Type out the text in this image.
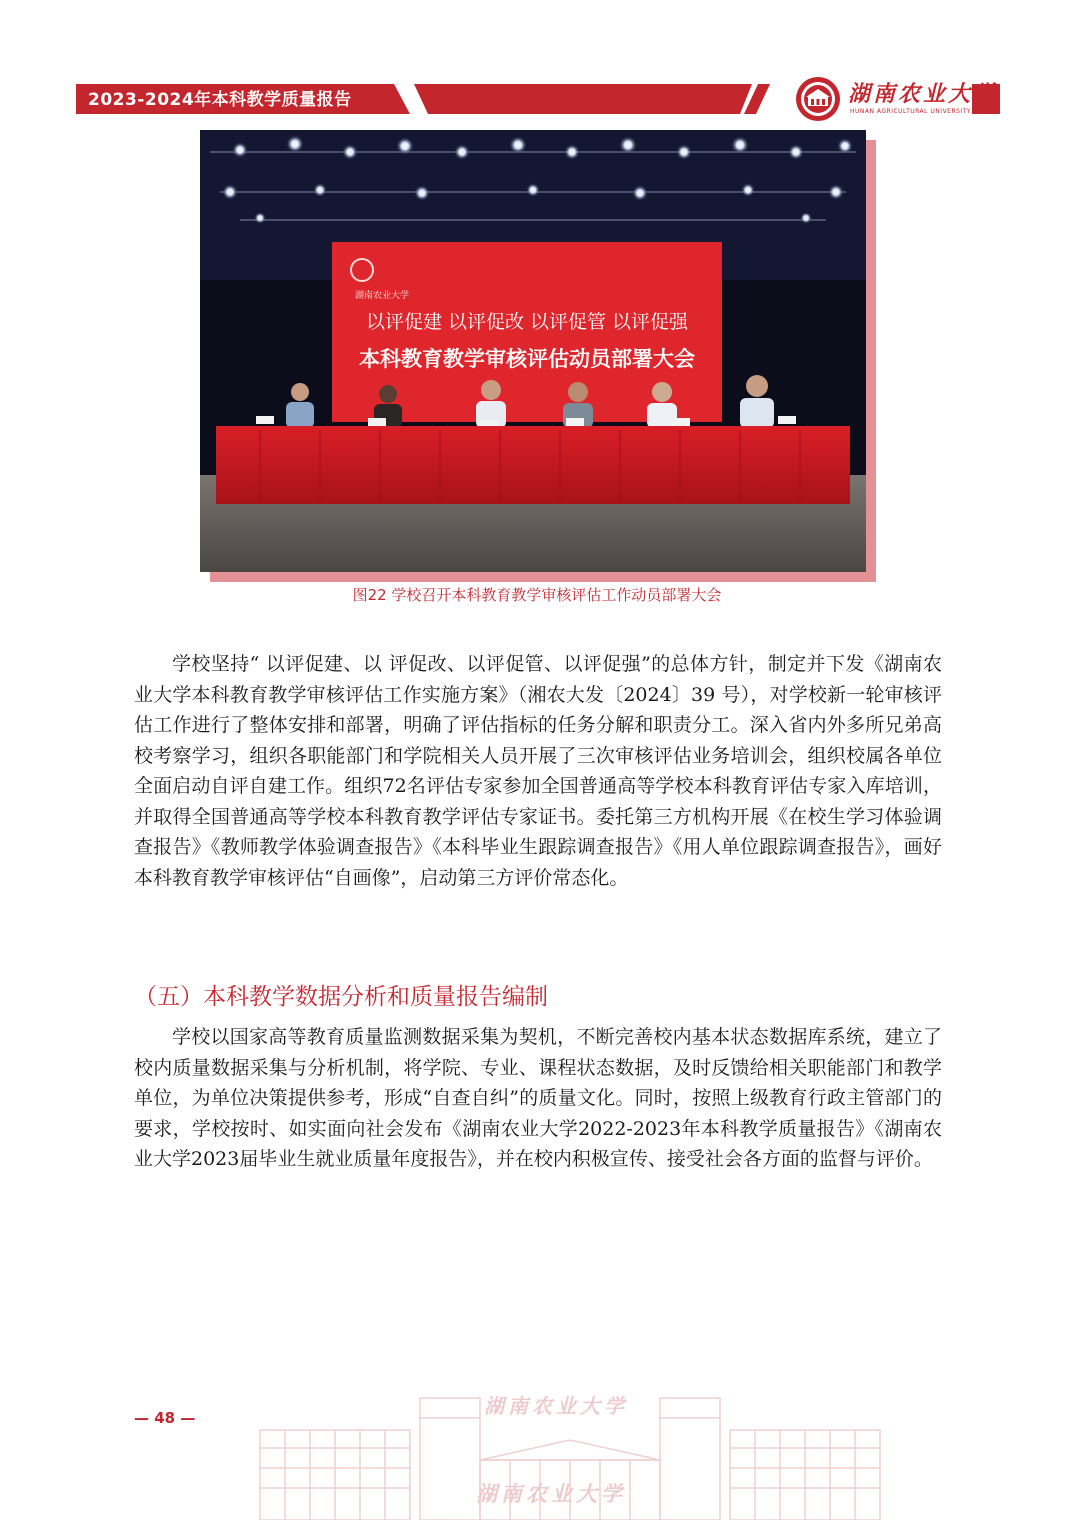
2023-2024年本科教学质量报告	湖南农业大学
HUNAN AGRICULTURAL UNIVERSITY
湖南农业大学
以评促建 以评促改 以评促管 以评促强
本科教育教学审核评估动员部署大会
图22 学校召开本科教育教学审核评估工作动员部署大会

学校坚持“ 以评促建、以 评促改、以评促管、以评促强”的总体方针，制定并下发《湖南农业大学本科教育教学审核评估工作实施方案》（湘农大发〔2024〕39 号），对学校新一轮审核评估工作进行了整体安排和部署，明确了评估指标的任务分解和职责分工。深入省内外多所兄弟高校考察学习，组织各职能部门和学院相关人员开展了三次审核评估业务培训会，组织校属各单位全面启动自评自建工作。组织72名评估专家参加全国普通高等学校本科教育评估专家入库培训，并取得全国普通高等学校本科教育教学评估专家证书。委托第三方机构开展《在校生学习体验调查报告》《教师教学体验调查报告》《本科毕业生跟踪调查报告》《用人单位跟踪调查报告》，画好本科教育教学审核评估“自画像”，启动第三方评价常态化。

（五）本科教学数据分析和质量报告编制

学校以国家高等教育质量监测数据采集为契机，不断完善校内基本状态数据库系统，建立了校内质量数据采集与分析机制，将学院、专业、课程状态数据，及时反馈给相关职能部门和教学单位，为单位决策提供参考，形成“自查自纠”的质量文化。同时，按照上级教育行政主管部门的要求，学校按时、如实面向社会发布《湖南农业大学2022-2023年本科教学质量报告》《湖南农业大学2023届毕业生就业质量年度报告》，并在校内积极宣传、接受社会各方面的监督与评价。

— 48 —	湖南农业大学
湖南农业大学
